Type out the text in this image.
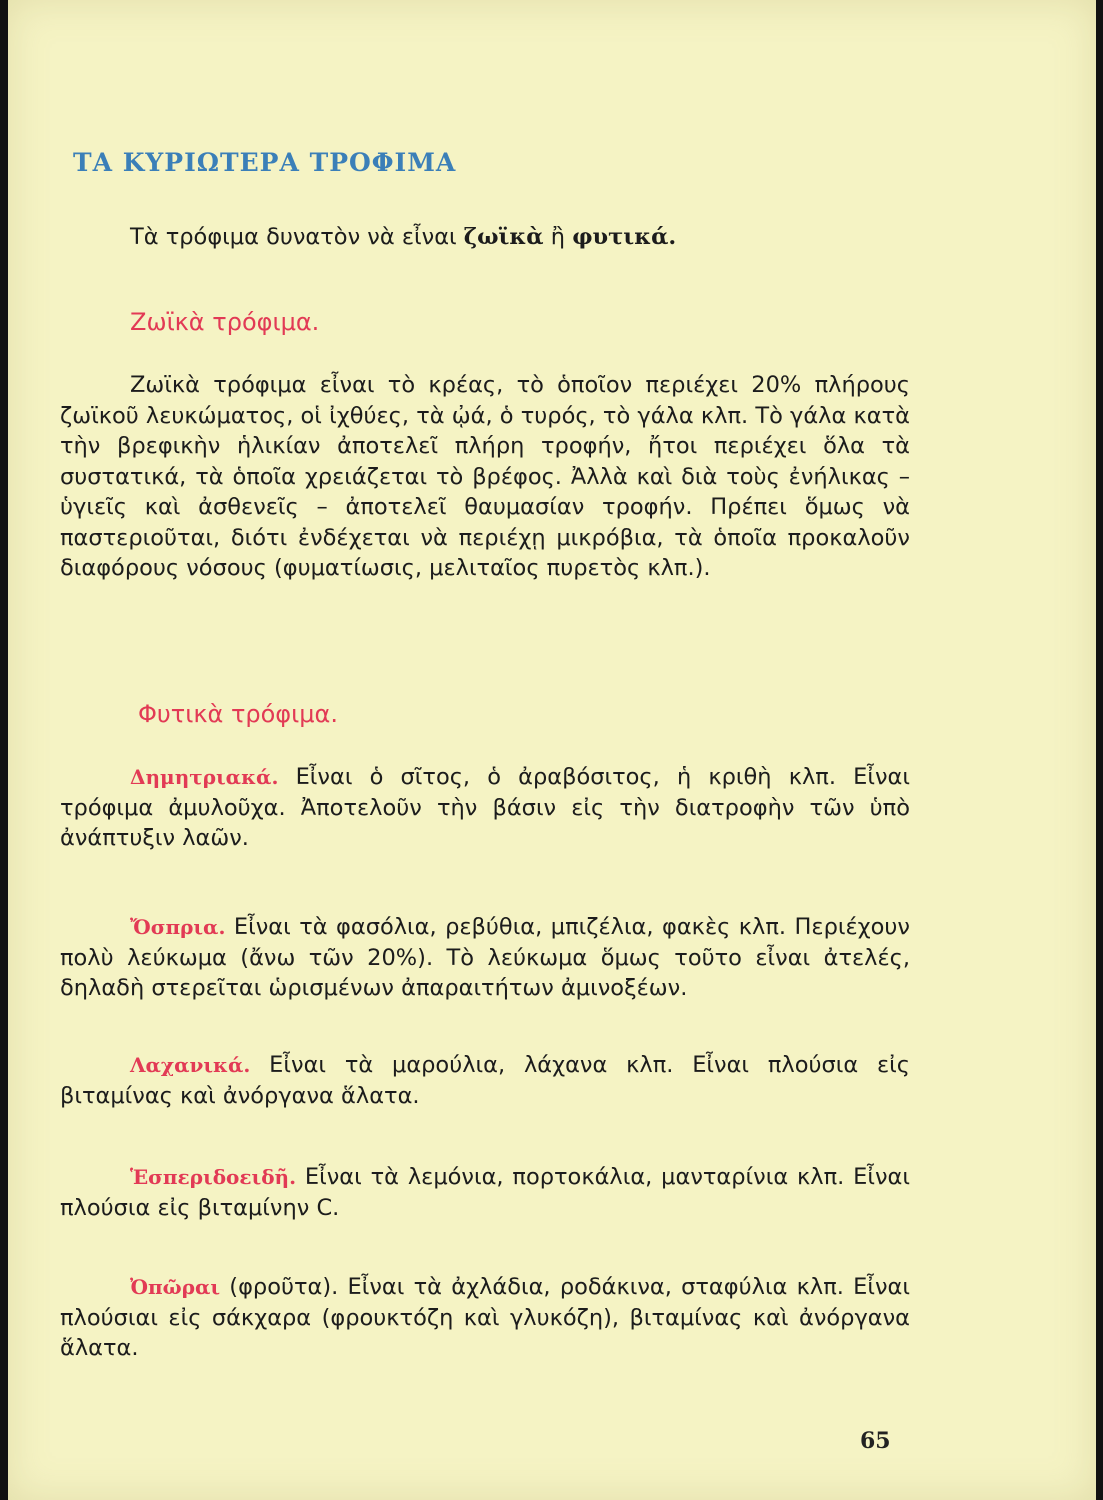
ΤΑ ΚΥΡΙΩΤΕΡΑ ΤΡΟΦΙΜΑ
Τὰ τρόφιμα δυνατὸν νὰ εἶναι ζωϊκὰ ἢ φυτικά.
Ζωϊκὰ τρόφιμα.
Ζωϊκὰ τρόφιμα εἶναι τὸ κρέας, τὸ ὁποῖον περιέχει 20% πλήρους ζωϊκοῦ λευκώματος, οἱ ἰχθύες, τὰ ᾠά, ὁ τυρός, τὸ γάλα κλπ. Τὸ γάλα κατὰ τὴν βρεφικὴν ἡλικίαν ἀποτελεῖ πλήρη τροφήν, ἤτοι περιέχει ὅλα τὰ συστατικά, τὰ ὁποῖα χρειάζεται τὸ βρέφος. Ἀλλὰ καὶ διὰ τοὺς ἐνήλικας – ὑγιεῖς καὶ ἀσθενεῖς – ἀποτελεῖ θαυμασίαν τροφήν. Πρέπει ὅμως νὰ παστεριοῦται, διότι ἐνδέχεται νὰ περιέχῃ μικρόβια, τὰ ὁποῖα προκαλοῦν διαφόρους νόσους (φυματίωσις, μελιταῖος πυρετὸς κλπ.).
Φυτικὰ τρόφιμα.
Δημητριακά. Εἶναι ὁ σῖτος, ὁ ἀραβόσιτος, ἡ κριθὴ κλπ. Εἶναι τρόφιμα ἀμυλοῦχα. Ἀποτελοῦν τὴν βάσιν εἰς τὴν διατροφὴν τῶν ὑπὸ ἀνάπτυξιν λαῶν.
Ὄσπρια. Εἶναι τὰ φασόλια, ρεβύθια, μπιζέλια, φακὲς κλπ. Περιέχουν πολὺ λεύκωμα (ἄνω τῶν 20%). Τὸ λεύκωμα ὅμως τοῦτο εἶναι ἀτελές, δηλαδὴ στερεῖται ὡρισμένων ἀπαραιτήτων ἀμινοξέων.
Λαχανικά. Εἶναι τὰ μαρούλια, λάχανα κλπ. Εἶναι πλούσια εἰς βιταμίνας καὶ ἀνόργανα ἅλατα.
Ἑσπεριδοειδῆ. Εἶναι τὰ λεμόνια, πορτοκάλια, μανταρίνια κλπ. Εἶναι πλούσια εἰς βιταμίνην C.
Ὀπῶραι (φροῦτα). Εἶναι τὰ ἀχλάδια, ροδάκινα, σταφύλια κλπ. Εἶναι πλούσιαι εἰς σάκχαρα (φρουκτόζη καὶ γλυκόζη), βιταμίνας καὶ ἀνόργανα ἅλατα.
65
